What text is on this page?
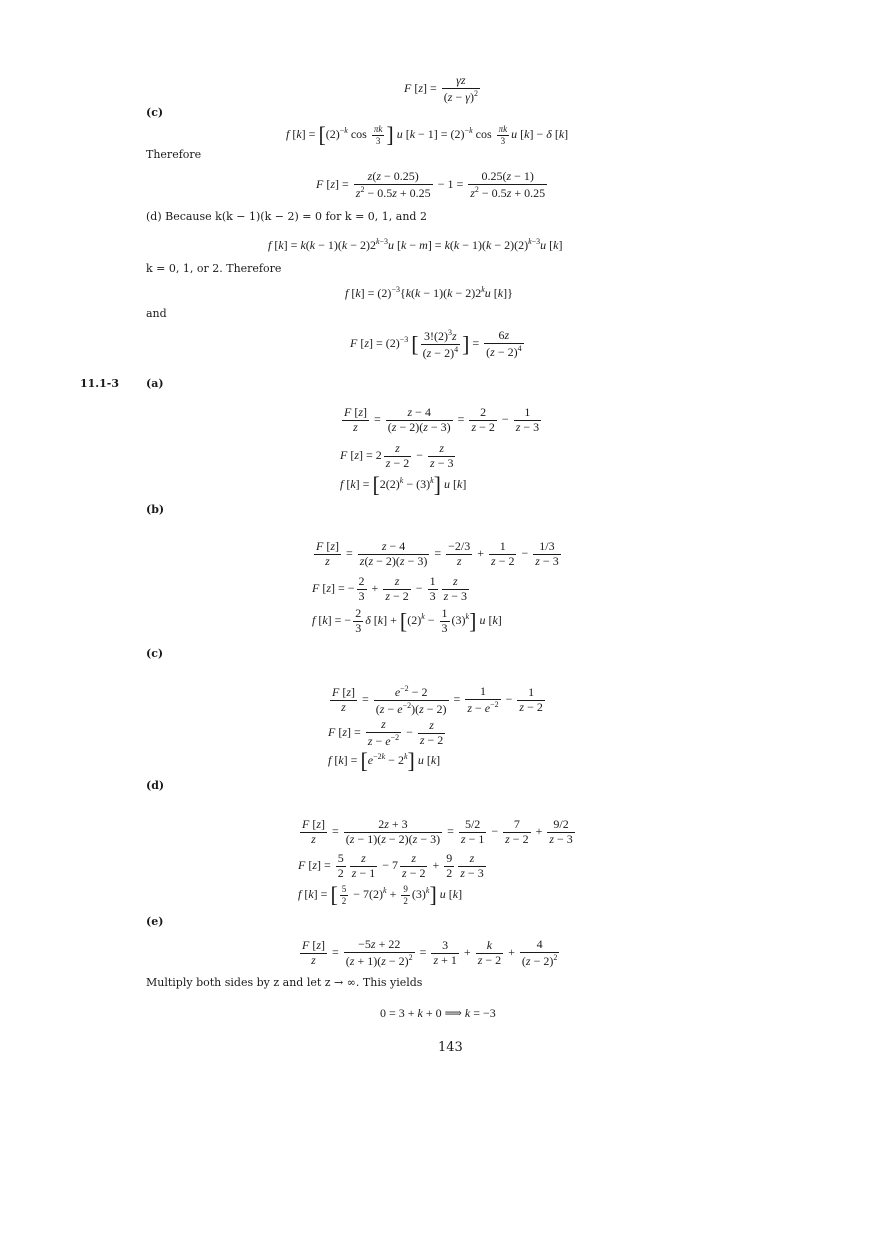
F $[z] = \frac{\gamma z}{(z - \gamma)^2}$
(c)
f $[k] = [(2)^{-k}$ $\cos \frac{\pi k}{3}$ ] u $[k - 1] = (2)^{-k}$ $\cos \frac{\pi k}{3}$ u [k] − δ [k]
Therefore
F $[z] = \frac{z(z - 0.25)}{z^2 - 0.5z + 0.25} - 1 = \frac{0.25(z - 1)}{z^2 - 0.5z + 0.25}$
(d) Because k(k − 1)(k − 2) = 0 for k = 0, 1, and 2
f $[k] = k(k - 1)(k - 2)2^{k-3}u$ $[k - m] = k(k - 1)(k - 2)(2)^{k-3}u$ [k]
k = 0, 1, or 2. Therefore
f $[k] = (2)^{-3}\{k(k - 1)(k - 2)2^ku$ [k]}
and
F $[z] = (2)^{-3}$ [ $\frac{3!(2)^3z}{(z - 2)^4}$ ] = $\frac{6z}{(z - 2)^4}$
11.1-3 (a)
$\frac{F [z]}{z} = \frac{z - 4}{(z - 2)(z - 3)} = \frac{2}{z - 2} - \frac{1}{z - 3}$
F $[z] = 2 \frac{z}{z - 2} - \frac{z}{z - 3}$
f $[k] = [2(2)^k - (3)^k]$ u [k]
(b)
$\frac{F [z]}{z} = \frac{z - 4}{z(z - 2)(z - 3)} = \frac{-2/3}{z} + \frac{1}{z - 2} - \frac{1/3}{z - 3}$
F [z] = − $\frac{2}{3} + \frac{z}{z - 2} - \frac{1}{3} \frac{z}{z - 3}$
f [k] = − $\frac{2}{3}$ δ $[k] + [(2)^k - \frac{1}{3} (3)^k]$ u [k]
(c)
$\frac{F [z]}{z} = \frac{e^{-2} - 2}{(z - e^{-2})(z - 2)} = \frac{1}{z - e^{-2}} - \frac{1}{z - 2}$
F $[z] = \frac{z}{z - e^{-2}} - \frac{z}{z - 2}$
f $[k] = [e^{-2k} - 2^k]$ u [k]
(d)
$\frac{F [z]}{z} = \frac{2z + 3}{(z - 1)(z - 2)(z - 3)} = \frac{5/2}{z - 1} - \frac{7}{z - 2} + \frac{9/2}{z - 3}$
F $[z] = \frac{5}{2} \frac{z}{z - 1} - 7 \frac{z}{z - 2} + \frac{9}{2} \frac{z}{z - 3}$
f [k] = [ $\frac{5}{2} - 7(2)^k + \frac{9}{2} (3)^k$] u [k]
(e)
$\frac{F [z]}{z} = \frac{-5z + 22}{(z + 1)(z - 2)^2} = \frac{3}{z + 1} + \frac{k}{z - 2} + \frac{4}{(z - 2)^2}$
Multiply both sides by z and let z → ∞. This yields
0 = 3 + k + 0 ⟹ k = −3
143
